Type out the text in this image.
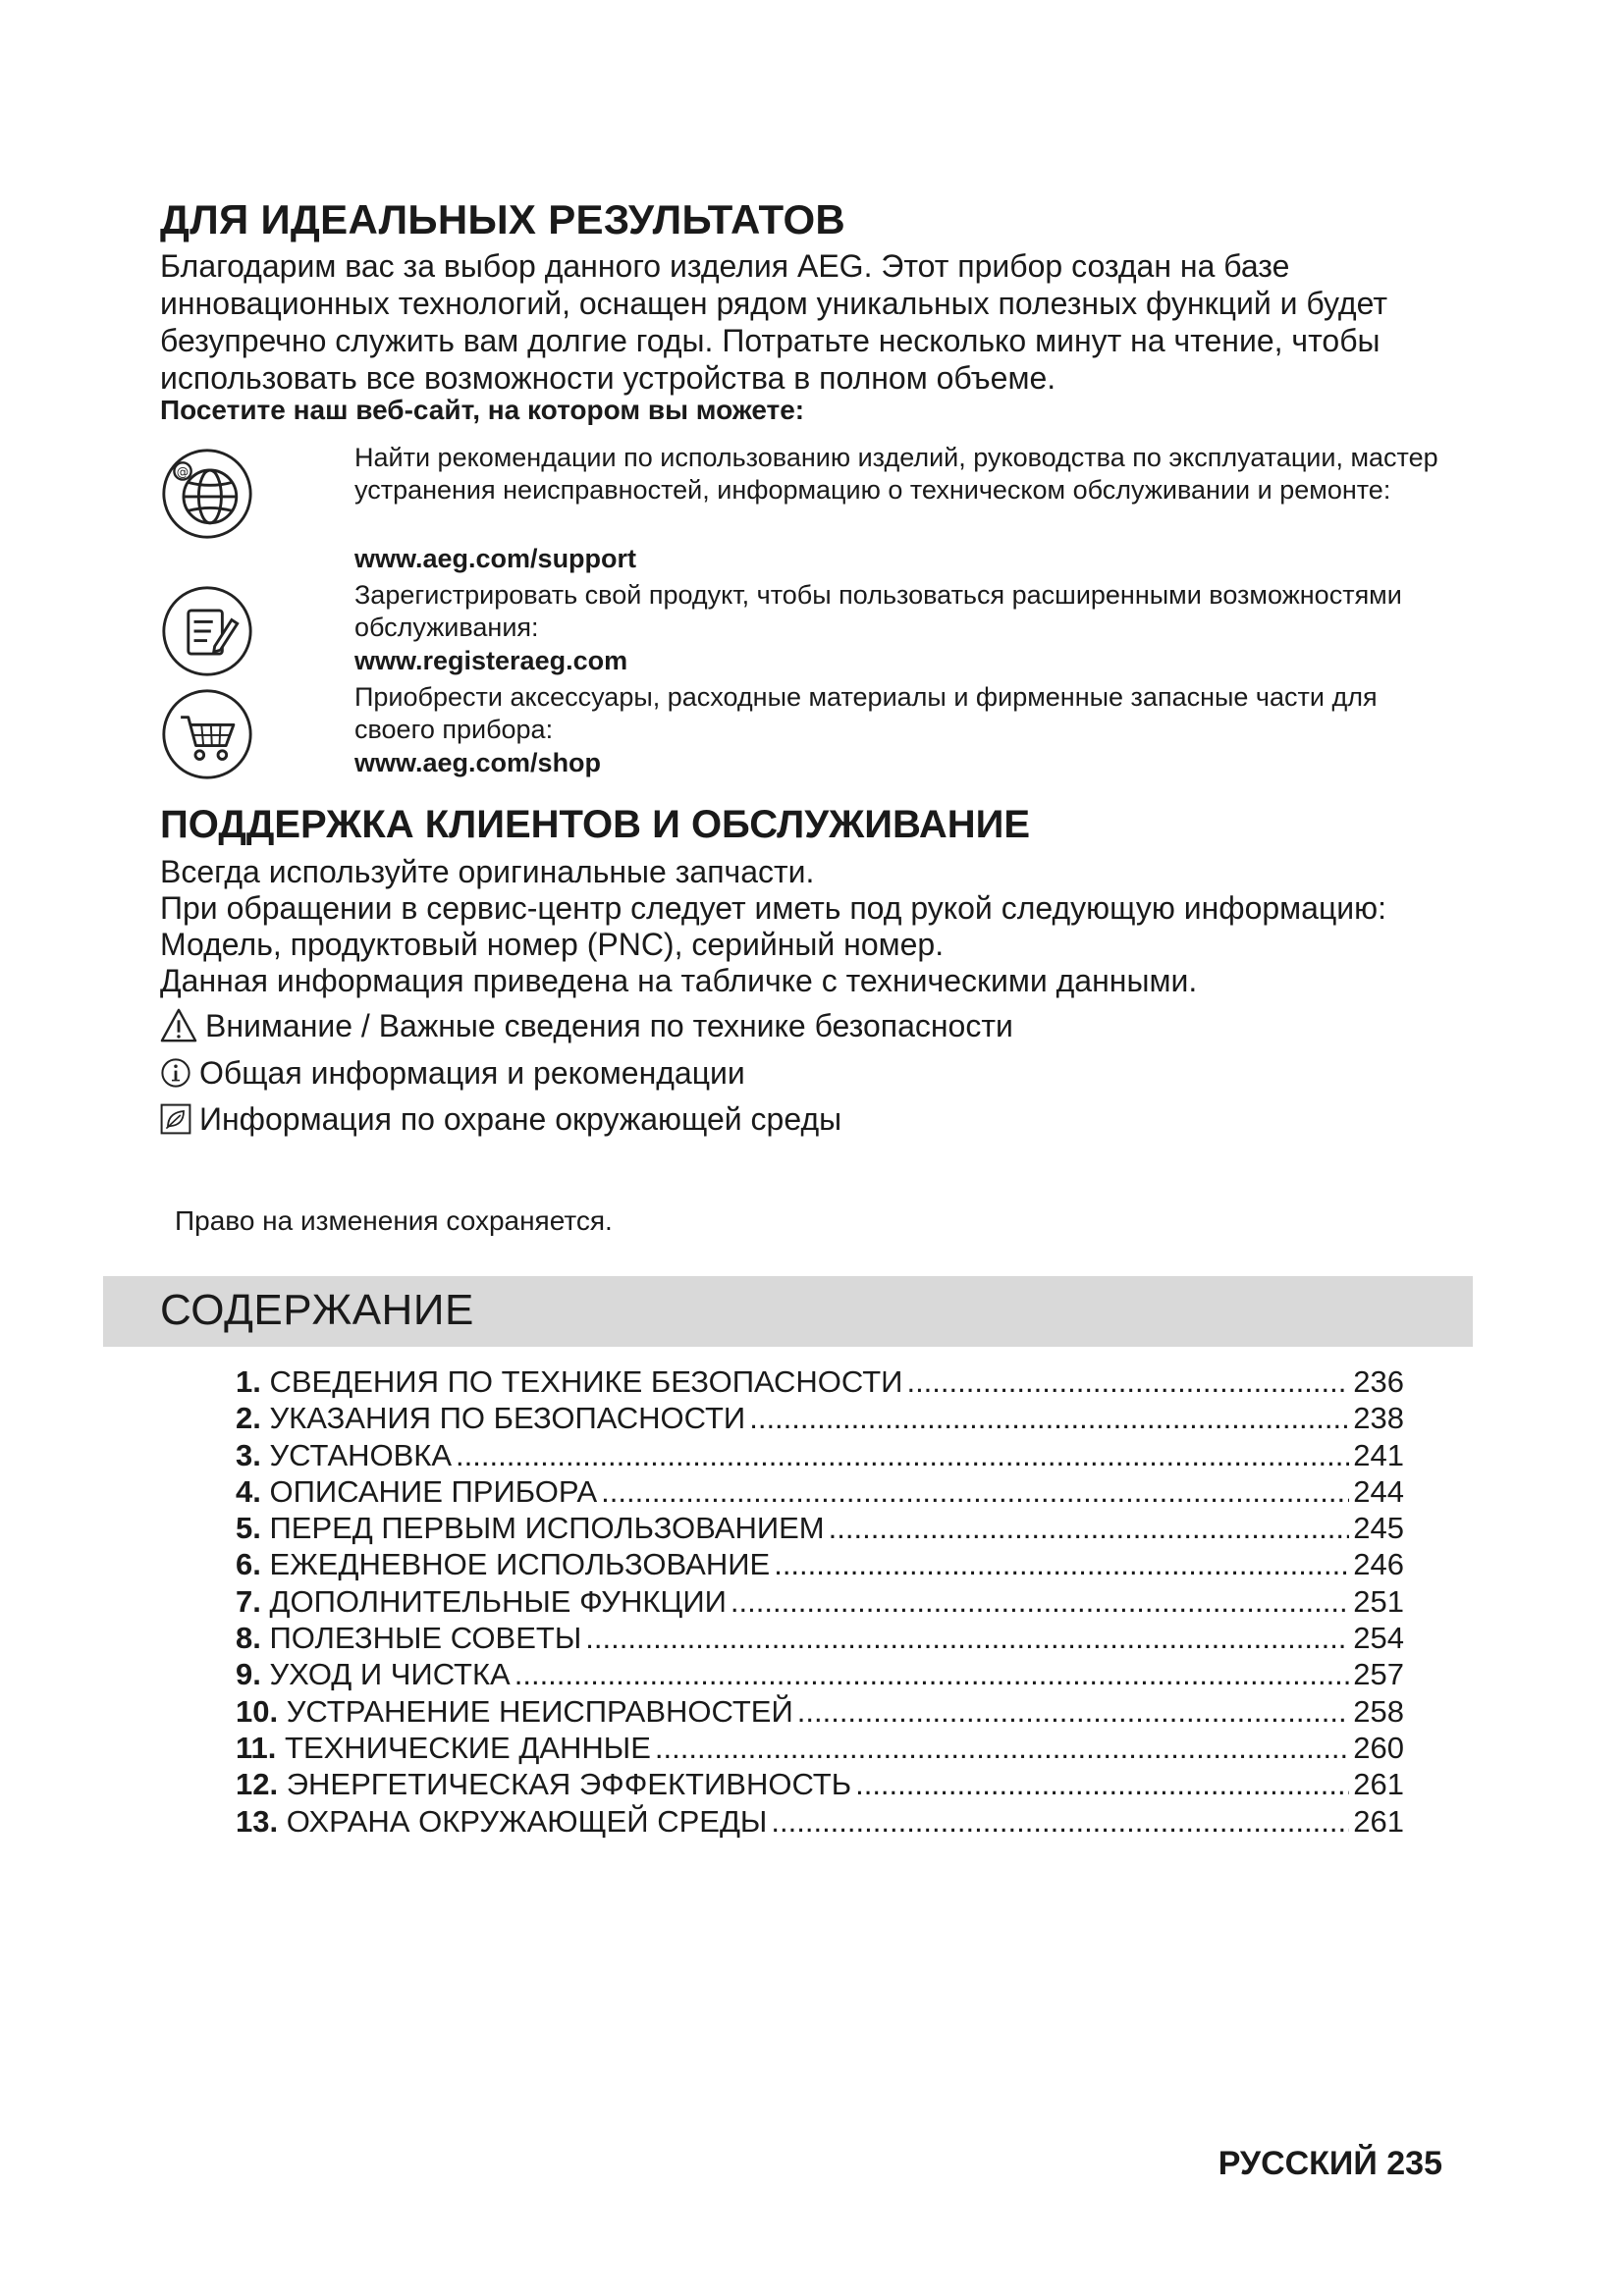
ДЛЯ ИДЕАЛЬНЫХ РЕЗУЛЬТАТОВ

Благодарим вас за выбор данного изделия AEG. Этот прибор создан на базе инновационных технологий, оснащен рядом уникальных полезных функций и будет безупречно служить вам долгие годы. Потратьте несколько минут на чтение, чтобы использовать все возможности устройства в полном объеме.

Посетите наш веб-сайт, на котором вы можете:

@	Найти рекомендации по использованию изделий, руководства по эксплуатации, мастер устранения неисправностей, информацию о техническом обслуживании и ремонте:

www.aeg.com/support

Зарегистрировать свой продукт, чтобы пользоваться расширенными возможностями обслуживания:

www.registeraeg.com

Приобрести аксессуары, расходные материалы и фирменные запасные части для своего прибора:

www.aeg.com/shop

ПОДДЕРЖКА КЛИЕНТОВ И ОБСЛУЖИВАНИЕ

Всегда используйте оригинальные запчасти.

При обращении в сервис-центр следует иметь под рукой следующую информацию:

Модель, продуктовый номер (PNC), серийный номер.

Данная информация приведена на табличке с техническими данными.

Внимание / Важные сведения по технике безопасности
Общая информация и рекомендации
Информация по охране окружающей среды

Право на изменения сохраняется.

СОДЕРЖАНИЕ
1. СВЕДЕНИЯ ПО ТЕХНИКЕ БЕЗОПАСНОСТИ .....	236
2. УКАЗАНИЯ ПО БЕЗОПАСНОСТИ .....	238
3. УСТАНОВКА .....	241
4. ОПИСАНИЕ ПРИБОРА .....	244
5. ПЕРЕД ПЕРВЫМ ИСПОЛЬЗОВАНИЕМ .....	245
6. ЕЖЕДНЕВНОЕ ИСПОЛЬЗОВАНИЕ .....	246
7. ДОПОЛНИТЕЛЬНЫЕ ФУНКЦИИ .....	251
8. ПОЛЕЗНЫЕ СОВЕТЫ .....	254
9. УХОД И ЧИСТКА .....	257
10. УСТРАНЕНИЕ НЕИСПРАВНОСТЕЙ .....	258
11. ТЕХНИЧЕСКИЕ ДАННЫЕ .....	260
12. ЭНЕРГЕТИЧЕСКАЯ ЭФФЕКТИВНОСТЬ .....	261
13. ОХРАНА ОКРУЖАЮЩЕЙ СРЕДЫ .....	261

РУССКИЙ 235
